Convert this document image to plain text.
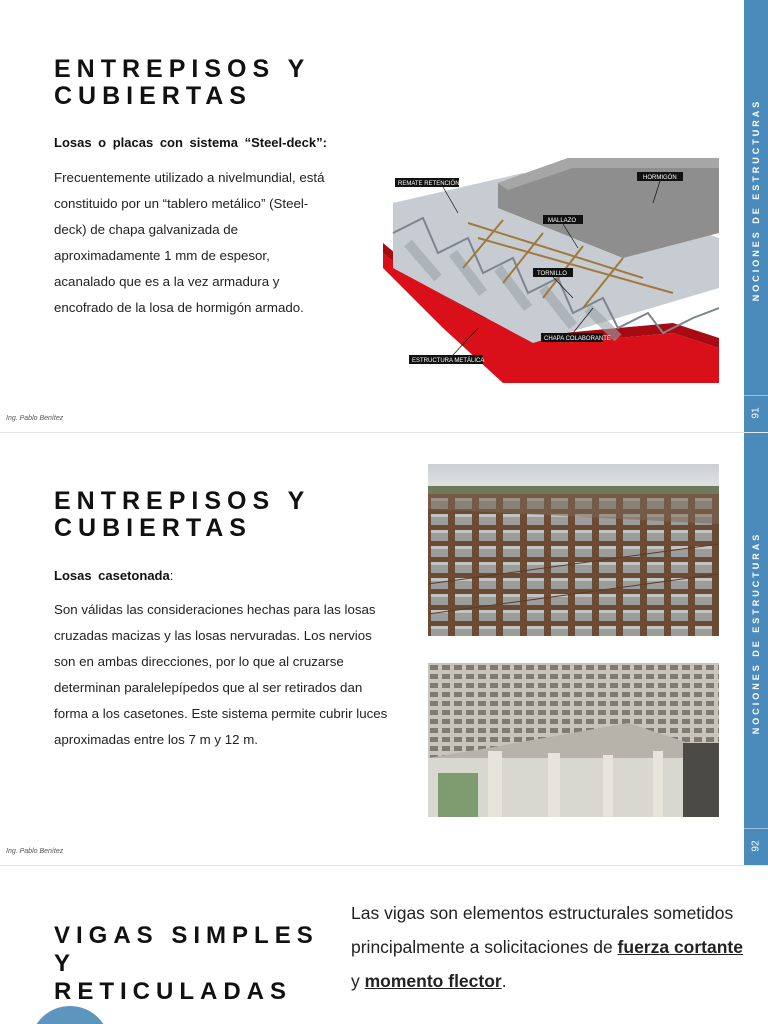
ENTREPISOS Y
CUBIERTAS
Losas o placas con sistema “Steel-deck”:
Frecuentemente utilizado a nivelmundial, está
constituido por un “tablero metálico” (Steel-
deck) de chapa galvanizada de
aproximadamente 1 mm de espesor,
acanalado que es a la vez armadura y
encofrado de la losa de hormigón armado.
REMATE RETENCIÓN
HORMIGÓN
MALLAZO
TORNILLO
CHAPA COLABORANTE
ESTRUCTURA METÁLICA
Ing. Pablo Benítez
NOCIONES DE ESTRUCTURAS
91
ENTREPISOS Y
CUBIERTAS
Losas casetonada:
Son válidas las consideraciones hechas para las losas
cruzadas macizas y las losas nervuradas. Los nervios
son en ambas direcciones, por lo que al cruzarse
determinan paralelepípedos que al ser retirados dan
forma a los casetones. Este sistema permite cubrir luces
aproximadas entre los 7 m y 12 m.
Ing. Pablo Benítez
NOCIONES DE ESTRUCTURAS
92
VIGAS SIMPLES
Y
RETICULADAS
Las vigas son elementos estructurales sometidos principalmente a solicitaciones de fuerza cortante y momento flector.
